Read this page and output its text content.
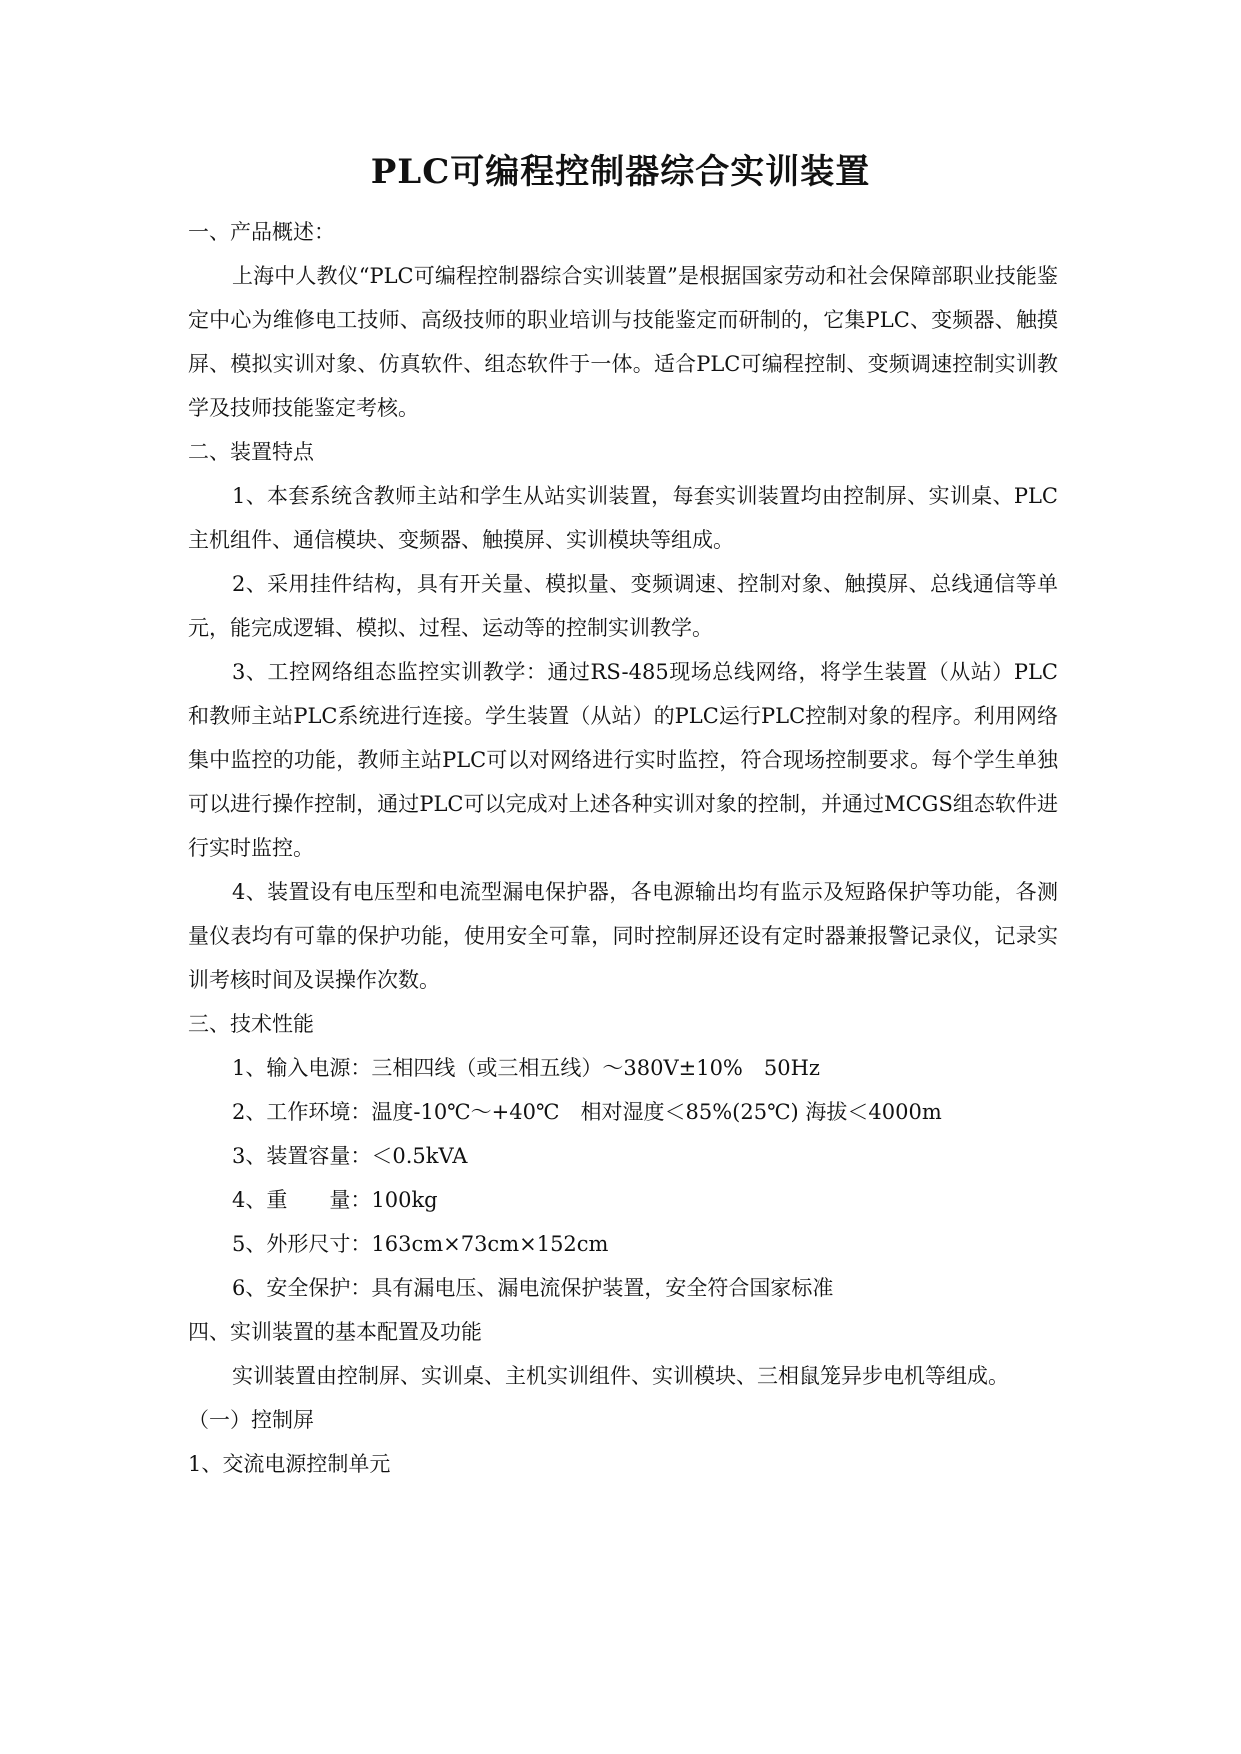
PLC可编程控制器综合实训装置

一、产品概述：

上海中人教仪“PLC可编程控制器综合实训装置”是根据国家劳动和社会保障部职业技能鉴定中心为维修电工技师、高级技师的职业培训与技能鉴定而研制的，它集PLC、变频器、触摸屏、模拟实训对象、仿真软件、组态软件于一体。适合PLC可编程控制、变频调速控制实训教学及技师技能鉴定考核。

二、装置特点

1、本套系统含教师主站和学生从站实训装置，每套实训装置均由控制屏、实训桌、PLC主机组件、通信模块、变频器、触摸屏、实训模块等组成。

2、采用挂件结构，具有开关量、模拟量、变频调速、控制对象、触摸屏、总线通信等单元，能完成逻辑、模拟、过程、运动等的控制实训教学。

3、工控网络组态监控实训教学：通过RS-485现场总线网络，将学生装置（从站）PLC和教师主站PLC系统进行连接。学生装置（从站）的PLC运行PLC控制对象的程序。利用网络集中监控的功能，教师主站PLC可以对网络进行实时监控，符合现场控制要求。每个学生单独可以进行操作控制，通过PLC可以完成对上述各种实训对象的控制，并通过MCGS组态软件进行实时监控。

4、装置设有电压型和电流型漏电保护器，各电源输出均有监示及短路保护等功能，各测量仪表均有可靠的保护功能，使用安全可靠，同时控制屏还设有定时器兼报警记录仪，记录实训考核时间及误操作次数。

三、技术性能

1、输入电源：三相四线（或三相五线）～380V±10%　50Hz

2、工作环境：温度-10℃～+40℃　相对湿度＜85%(25℃) 海拔＜4000m

3、装置容量：＜0.5kVA

4、重　　量：100kg

5、外形尺寸：163cm×73cm×152cm

6、安全保护：具有漏电压、漏电流保护装置，安全符合国家标准

四、实训装置的基本配置及功能

实训装置由控制屏、实训桌、主机实训组件、实训模块、三相鼠笼异步电机等组成。

（一）控制屏

1、交流电源控制单元
